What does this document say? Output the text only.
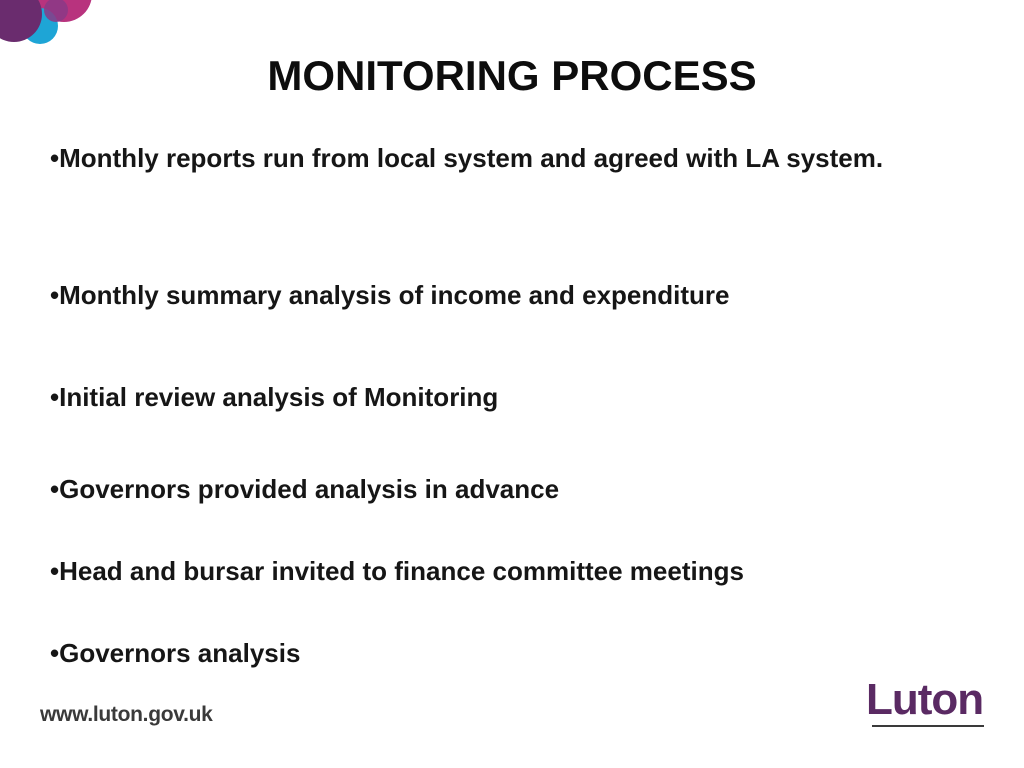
MONITORING PROCESS
•Monthly reports run from local system and agreed with LA system.
•Monthly summary analysis of income and expenditure
•Initial review analysis of Monitoring
•Governors provided analysis in advance
•Head and bursar invited to finance committee meetings
•Governors analysis
www.luton.gov.uk	Luton
